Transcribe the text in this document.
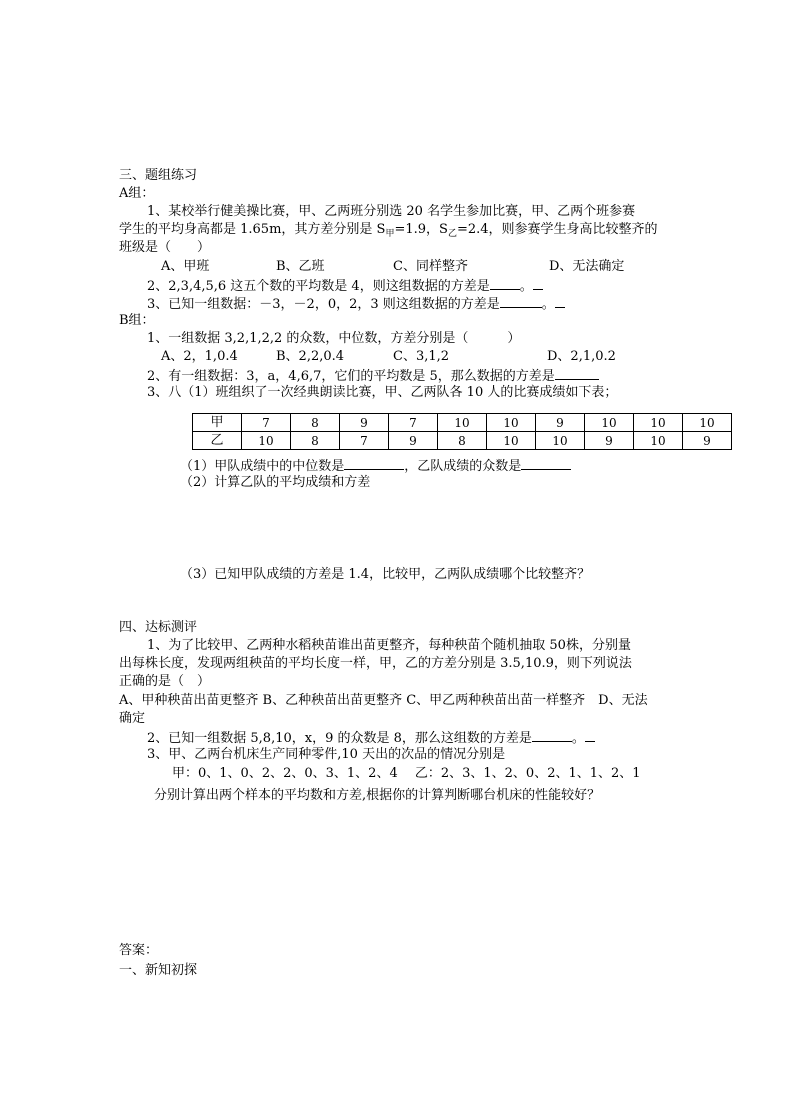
三、题组练习
A组：
1、某校举行健美操比赛，甲、乙两班分别选 20 名学生参加比赛，甲、乙两个班参赛
学生的平均身高都是 1.65m，其方差分别是 $S_甲=1.9$，$S_乙=2.4$，则参赛学生身高比较整齐的
班级是（　　）
A、甲班	B、乙班	C、同样整齐	D、无法确定
2、2,3,4,5,6 这五个数的平均数是 4，则这组数据的方差是 。
3、已知一组数据：－3，－2，0，2，3 则这组数据的方差是	。
B组：
1、一组数据 3,2,1,2,2 的众数，中位数，方差分别是（　　　）
A、2，1,0.4	B、2,2,0.4	C、3,1,2	D、2,1,0.2
2、有一组数据：3，a，4,6,7，它们的平均数是 5，那么数据的方差是
3、八（1）班组织了一次经典朗读比赛，甲、乙两队各 10 人的比赛成绩如下表；
甲	7	8	9	7	10	10	9	10	10	10
乙	10	8	7	9	8	10	10	9	10	9
（1）甲队成绩中的中位数是	，乙队成绩的众数是
（2）计算乙队的平均成绩和方差
（3）已知甲队成绩的方差是 1.4，比较甲，乙两队成绩哪个比较整齐？
四、达标测评
1、为了比较甲、乙两种水稻秧苗谁出苗更整齐，每种秧苗个随机抽取 50株，分别量
出每株长度，发现两组秧苗的平均长度一样，甲，乙的方差分别是 3.5,10.9，则下列说法
正确的是（　）
A、甲种秧苗出苗更整齐 B、乙种秧苗出苗更整齐 C、甲乙两种秧苗出苗一样整齐　D、无法
确定
2、已知一组数据 5,8,10，x，9 的众数是 8，那么这组数的方差是	。
3、甲、乙两台机床生产同种零件,10 天出的次品的情况分别是
甲：0、1、0、2、2、0、3、1、2、4　 乙：2、3、1、2、0、2、1、1、2、1
分别计算出两个样本的平均数和方差,根据你的计算判断哪台机床的性能较好？
答案：
一、新知初探
